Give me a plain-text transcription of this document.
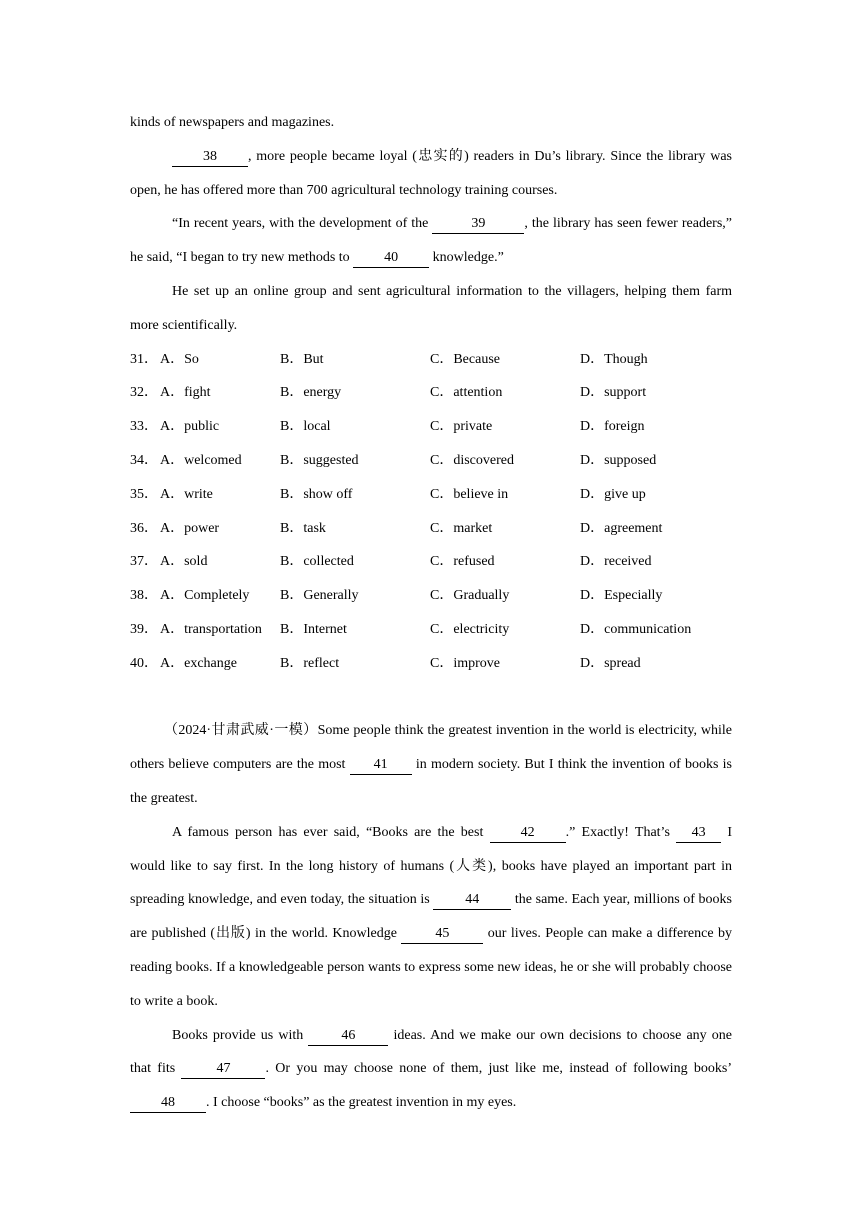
kinds of newspapers and magazines.

38 , more people became loyal (忠实的) readers in Du’s library. Since the library was open, he has offered more than 700 agricultural technology training courses.

“In recent years, with the development of the	39	, the library has seen fewer readers,” he said, “I began to try new methods to 40 knowledge.”

He set up an online group and sent agricultural information to the villagers, helping them farm more scientifically.

31． A．So	B．But	C．Because	D．Though
32． A．fight	B．energy	C．attention	D．support
33． A．public	B．local	C．private	D．foreign
34． A．welcomed	B．suggested	C．discovered	D．supposed
35． A．write	B．show off	C．believe in	D．give up
36． A．power	B．task	C．market	D．agreement
37． A．sold	B．collected	C．refused	D．received
38． A．Completely	B．Generally	C．Gradually	D．Especially
39． A．transportation	B．Internet	C．electricity	D．communication
40． A．exchange	B．reflect	C．improve	D．spread

（2024·甘肃武威·一模）Some people think the greatest invention in the world is electricity, while others believe computers are the most 41 in modern society. But I think the invention of books is the greatest.

A famous person has ever said, “Books are the best 42 .” Exactly! That’s 43 I would like to say first. In the long history of humans (人类), books have played an important part in spreading knowledge, and even today, the situation is 44 the same. Each year, millions of books are published (出版) in the world. Knowledge 45 our lives. People can make a difference by reading books. If a knowledgeable person wants to express some new ideas, he or she will probably choose to write a book.

Books provide us with 46 ideas. And we make our own decisions to choose any one that fits	47	. Or you may choose none of them, just like me, instead of following books’ 48 . I choose “books” as the greatest invention in my eyes.
